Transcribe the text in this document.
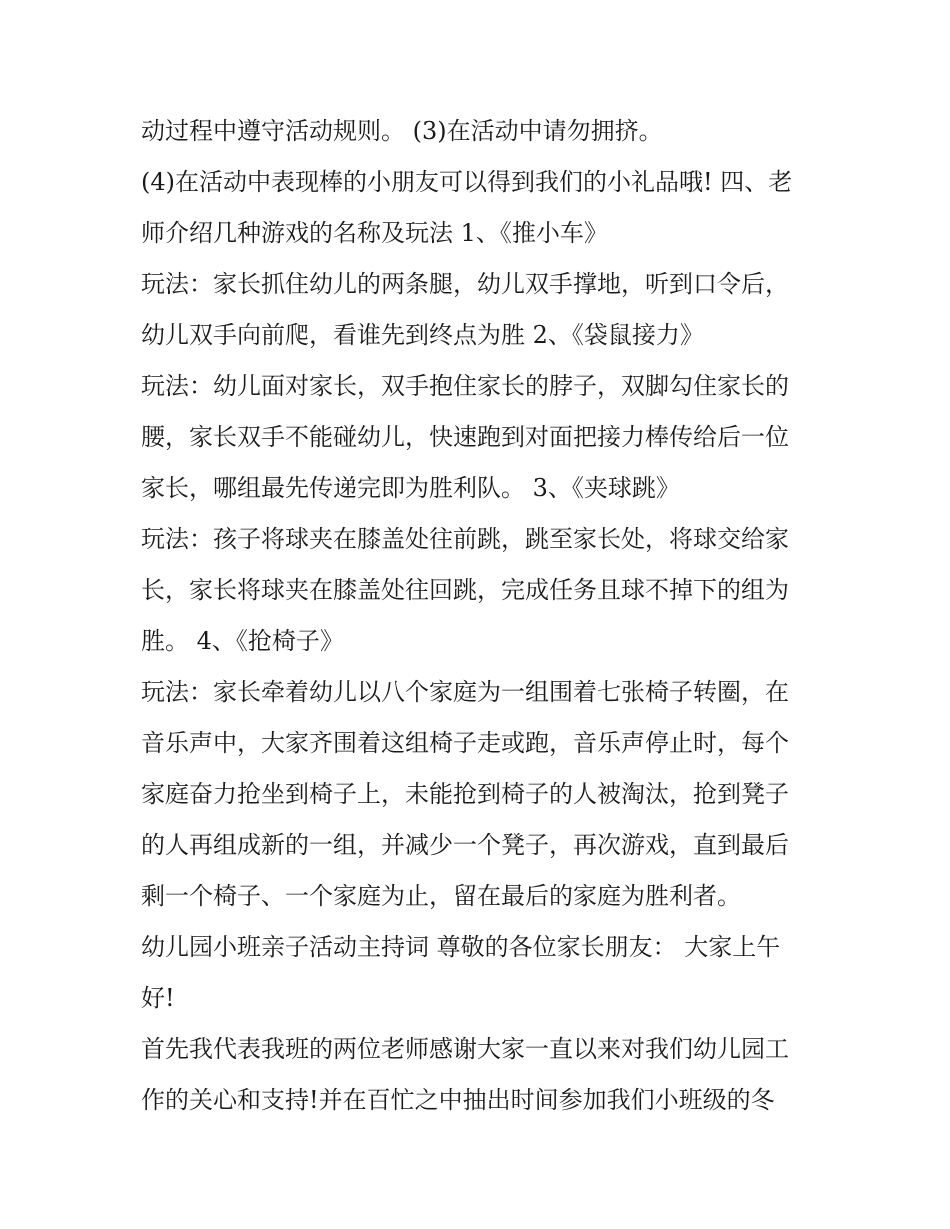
动过程中遵守活动规则。 (3)在活动中请勿拥挤。
(4)在活动中表现棒的小朋友可以得到我们的小礼品哦! 四、老
师介绍几种游戏的名称及玩法 1、《推小车》
玩法：家长抓住幼儿的两条腿，幼儿双手撑地，听到口令后，
幼儿双手向前爬，看谁先到终点为胜 2、《袋鼠接力》
玩法：幼儿面对家长，双手抱住家长的脖子，双脚勾住家长的
腰，家长双手不能碰幼儿，快速跑到对面把接力棒传给后一位
家长，哪组最先传递完即为胜利队。 3、《夹球跳》
玩法：孩子将球夹在膝盖处往前跳，跳至家长处，将球交给家
长，家长将球夹在膝盖处往回跳，完成任务且球不掉下的组为
胜。 4、《抢椅子》
玩法：家长牵着幼儿以八个家庭为一组围着七张椅子转圈，在
音乐声中，大家齐围着这组椅子走或跑，音乐声停止时，每个
家庭奋力抢坐到椅子上，未能抢到椅子的人被淘汰，抢到凳子
的人再组成新的一组，并减少一个凳子，再次游戏，直到最后
剩一个椅子、一个家庭为止，留在最后的家庭为胜利者。
幼儿园小班亲子活动主持词 尊敬的各位家长朋友： 大家上午
好!
首先我代表我班的两位老师感谢大家一直以来对我们幼儿园工
作的关心和支持!并在百忙之中抽出时间参加我们小班级的冬
